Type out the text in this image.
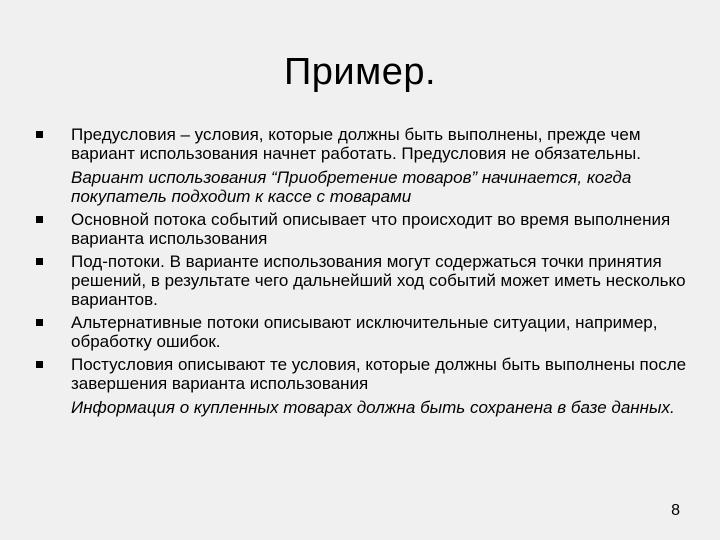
Пример.
Предусловия – условия, которые должны быть выполнены, прежде чем вариант использования начнет работать. Предусловия не обязательны.
Вариант использования “Приобретение товаров” начинается, когда покупатель подходит к кассе с товарами
Основной потока событий описывает что происходит во время выполнения варианта использования
Под-потоки. В варианте использования могут содержаться точки принятия решений, в результате чего дальнейший ход событий может иметь несколько вариантов.
Альтернативные потоки описывают исключительные ситуации, например, обработку ошибок.
Постусловия описывают те условия, которые должны быть выполнены после завершения варианта использования
Информация о купленных товарах должна быть сохранена в базе данных.
8
